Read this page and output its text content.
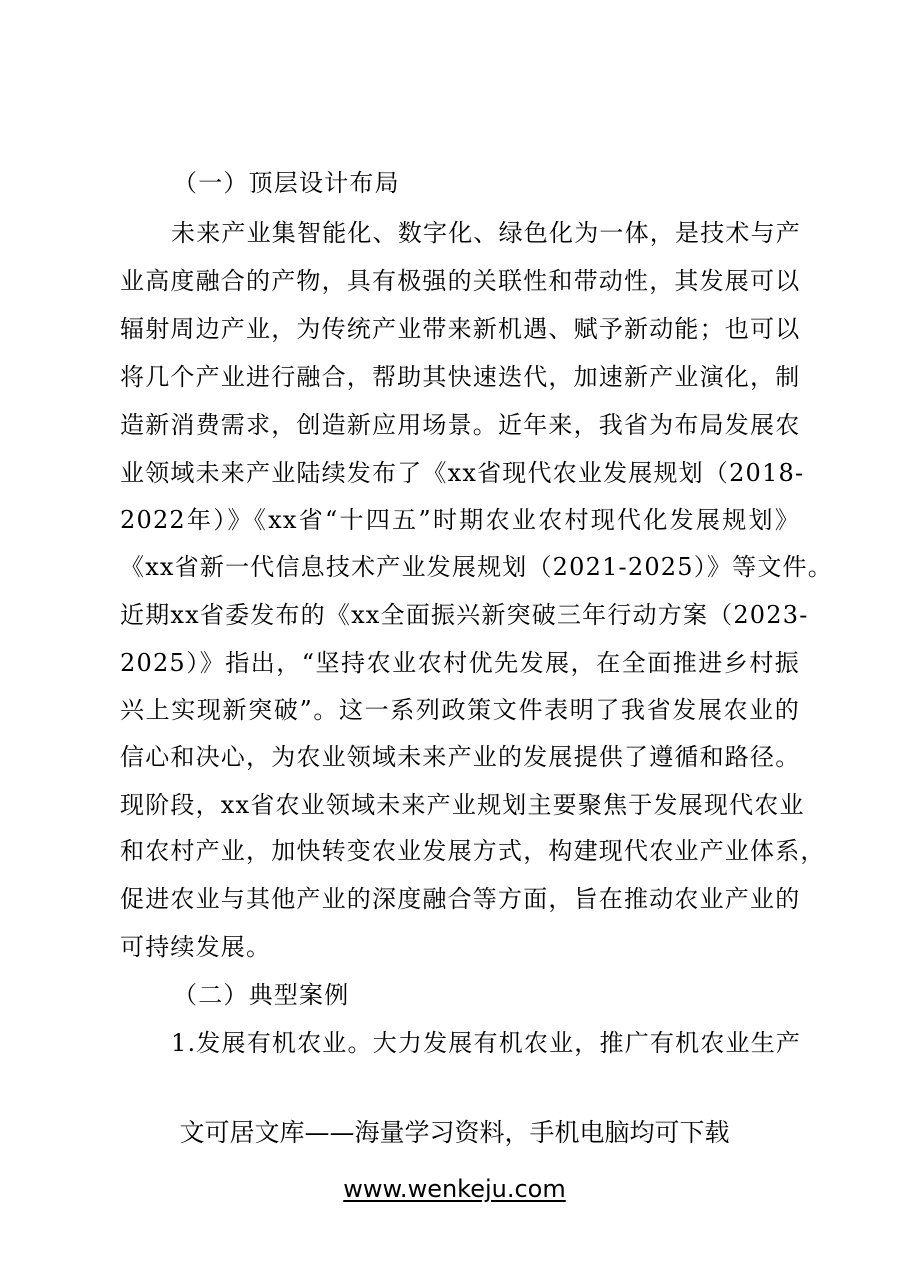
（一）顶层设计布局
未来产业集智能化、数字化、绿色化为一体，是技术与产
业高度融合的产物，具有极强的关联性和带动性，其发展可以
辐射周边产业，为传统产业带来新机遇、赋予新动能；也可以
将几个产业进行融合，帮助其快速迭代，加速新产业演化，制
造新消费需求，创造新应用场景。近年来，我省为布局发展农
业领域未来产业陆续发布了《xx省现代农业发展规划（2018-
2022年）》《xx省“十四五”时期农业农村现代化发展规划》
《xx省新一代信息技术产业发展规划（2021-2025）》等文件。
近期xx省委发布的《xx全面振兴新突破三年行动方案（2023-
2025）》指出，“坚持农业农村优先发展，在全面推进乡村振
兴上实现新突破”。这一系列政策文件表明了我省发展农业的
信心和决心，为农业领域未来产业的发展提供了遵循和路径。
现阶段，xx省农业领域未来产业规划主要聚焦于发展现代农业
和农村产业，加快转变农业发展方式，构建现代农业产业体系，
促进农业与其他产业的深度融合等方面，旨在推动农业产业的
可持续发展。
（二）典型案例
1.发展有机农业。大力发展有机农业，推广有机农业生产
文可居文库——海量学习资料，手机电脑均可下载
www.wenkeju.com
